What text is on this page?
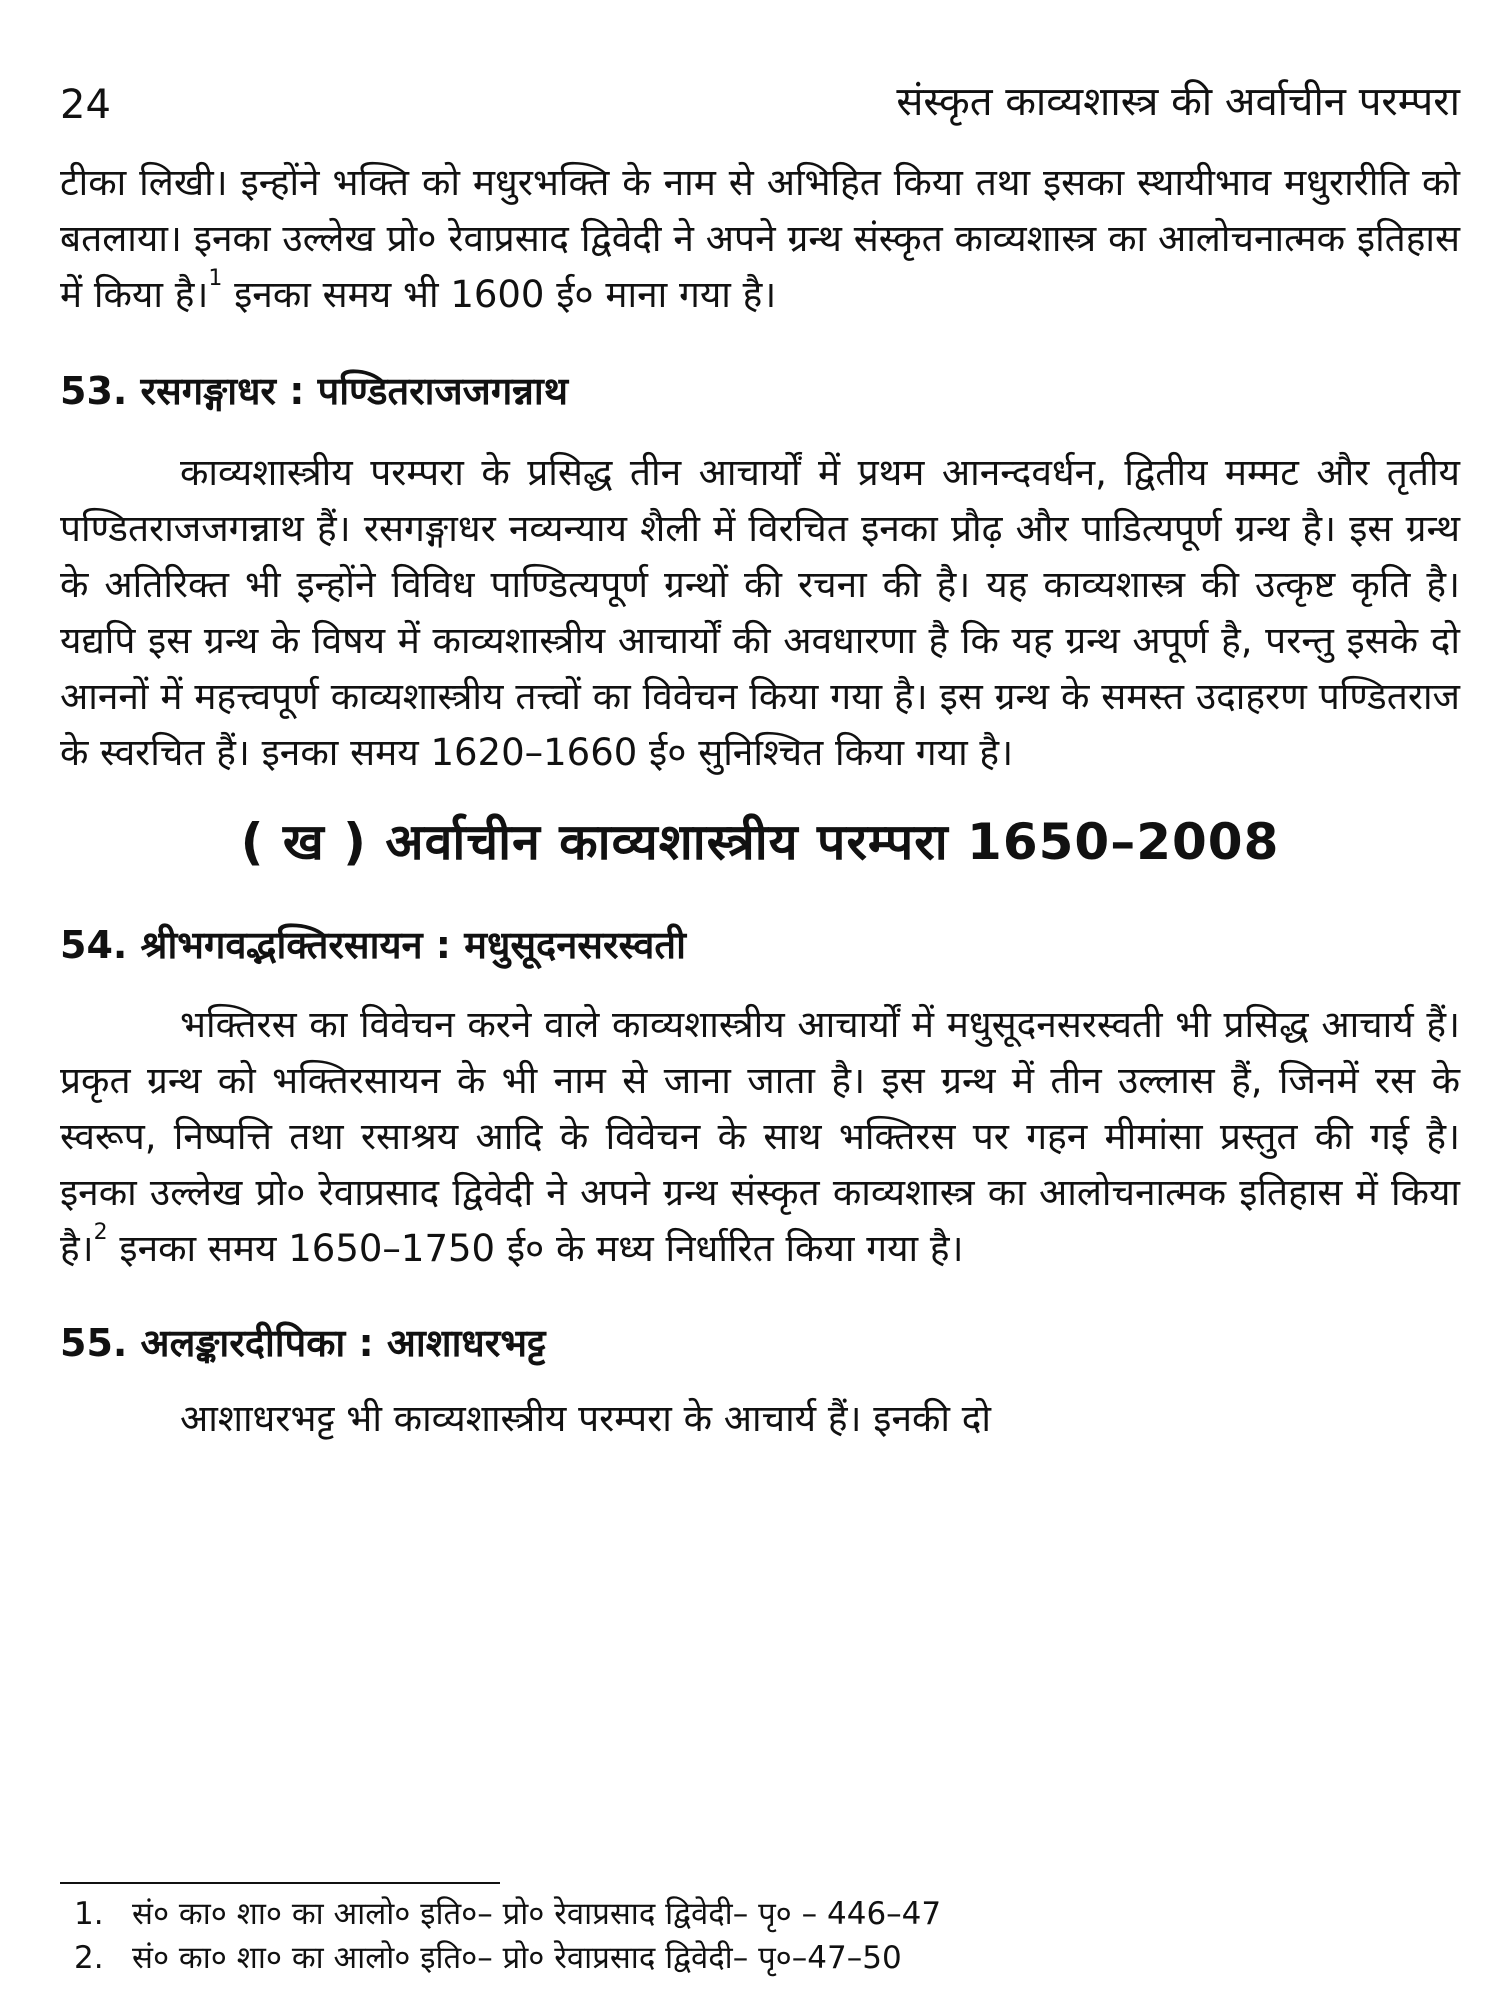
24	संस्कृत काव्यशास्त्र की अर्वाचीन परम्परा

टीका लिखी। इन्होंने भक्ति को मधुरभक्ति के नाम से अभिहित किया तथा इसका स्थायीभाव मधुरारीति को बतलाया। इनका उल्लेख प्रो० रेवाप्रसाद द्विवेदी ने अपने ग्रन्थ संस्कृत काव्यशास्त्र का आलोचनात्मक इतिहास में किया है।$^1$ इनका समय भी 1600 ई० माना गया है।

53. रसगङ्गाधर : पण्डितराजजगन्नाथ

काव्यशास्त्रीय परम्परा के प्रसिद्ध तीन आचार्यों में प्रथम आनन्दवर्धन, द्वितीय मम्मट और तृतीय पण्डितराजजगन्नाथ हैं। रसगङ्गाधर नव्यन्याय शैली में विरचित इनका प्रौढ़ और पाडित्यपूर्ण ग्रन्थ है। इस ग्रन्थ के अतिरिक्त भी इन्होंने विविध पाण्डित्यपूर्ण ग्रन्थों की रचना की है। यह काव्यशास्त्र की उत्कृष्ट कृति है। यद्यपि इस ग्रन्थ के विषय में काव्यशास्त्रीय आचार्यों की अवधारणा है कि यह ग्रन्थ अपूर्ण है, परन्तु इसके दो आननों में महत्त्वपूर्ण काव्यशास्त्रीय तत्त्वों का विवेचन किया गया है। इस ग्रन्थ के समस्त उदाहरण पण्डितराज के स्वरचित हैं। इनका समय 1620–1660 ई० सुनिश्चित किया गया है।

( ख ) अर्वाचीन काव्यशास्त्रीय परम्परा 1650–2008
54. श्रीभगवद्भक्तिरसायन : मधुसूदनसरस्वती

भक्तिरस का विवेचन करने वाले काव्यशास्त्रीय आचार्यों में मधुसूदनसरस्वती भी प्रसिद्ध आचार्य हैं। प्रकृत ग्रन्थ को भक्तिरसायन के भी नाम से जाना जाता है। इस ग्रन्थ में तीन उल्लास हैं, जिनमें रस के स्वरूप, निष्पत्ति तथा रसाश्रय आदि के विवेचन के साथ भक्तिरस पर गहन मीमांसा प्रस्तुत की गई है। इनका उल्लेख प्रो० रेवाप्रसाद द्विवेदी ने अपने ग्रन्थ संस्कृत काव्यशास्त्र का आलोचनात्मक इतिहास में किया है।$^2$ इनका समय 1650–1750 ई० के मध्य निर्धारित किया गया है।

55. अलङ्कारदीपिका : आशाधरभट्ट

आशाधरभट्ट भी काव्यशास्त्रीय परम्परा के आचार्य हैं। इनकी दो

1. सं० का० शा० का आलो० इति०– प्रो० रेवाप्रसाद द्विवेदी– पृ० – 446–47
2. सं० का० शा० का आलो० इति०– प्रो० रेवाप्रसाद द्विवेदी– पृ०–47–50
